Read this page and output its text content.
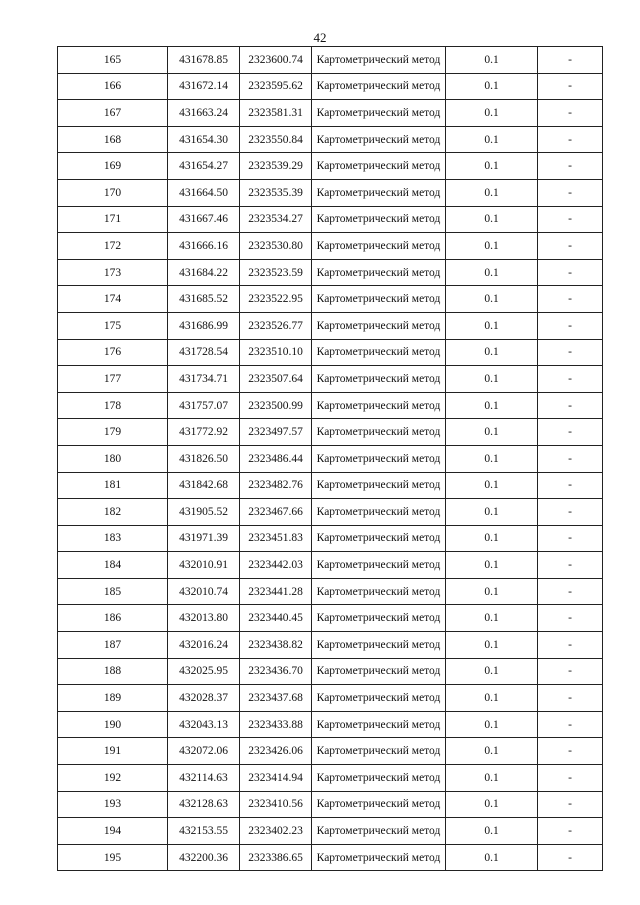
42
165	431678.85	2323600.74	Картометрический метод	0.1	-
166	431672.14	2323595.62	Картометрический метод	0.1	-
167	431663.24	2323581.31	Картометрический метод	0.1	-
168	431654.30	2323550.84	Картометрический метод	0.1	-
169	431654.27	2323539.29	Картометрический метод	0.1	-
170	431664.50	2323535.39	Картометрический метод	0.1	-
171	431667.46	2323534.27	Картометрический метод	0.1	-
172	431666.16	2323530.80	Картометрический метод	0.1	-
173	431684.22	2323523.59	Картометрический метод	0.1	-
174	431685.52	2323522.95	Картометрический метод	0.1	-
175	431686.99	2323526.77	Картометрический метод	0.1	-
176	431728.54	2323510.10	Картометрический метод	0.1	-
177	431734.71	2323507.64	Картометрический метод	0.1	-
178	431757.07	2323500.99	Картометрический метод	0.1	-
179	431772.92	2323497.57	Картометрический метод	0.1	-
180	431826.50	2323486.44	Картометрический метод	0.1	-
181	431842.68	2323482.76	Картометрический метод	0.1	-
182	431905.52	2323467.66	Картометрический метод	0.1	-
183	431971.39	2323451.83	Картометрический метод	0.1	-
184	432010.91	2323442.03	Картометрический метод	0.1	-
185	432010.74	2323441.28	Картометрический метод	0.1	-
186	432013.80	2323440.45	Картометрический метод	0.1	-
187	432016.24	2323438.82	Картометрический метод	0.1	-
188	432025.95	2323436.70	Картометрический метод	0.1	-
189	432028.37	2323437.68	Картометрический метод	0.1	-
190	432043.13	2323433.88	Картометрический метод	0.1	-
191	432072.06	2323426.06	Картометрический метод	0.1	-
192	432114.63	2323414.94	Картометрический метод	0.1	-
193	432128.63	2323410.56	Картометрический метод	0.1	-
194	432153.55	2323402.23	Картометрический метод	0.1	-
195	432200.36	2323386.65	Картометрический метод	0.1	-
